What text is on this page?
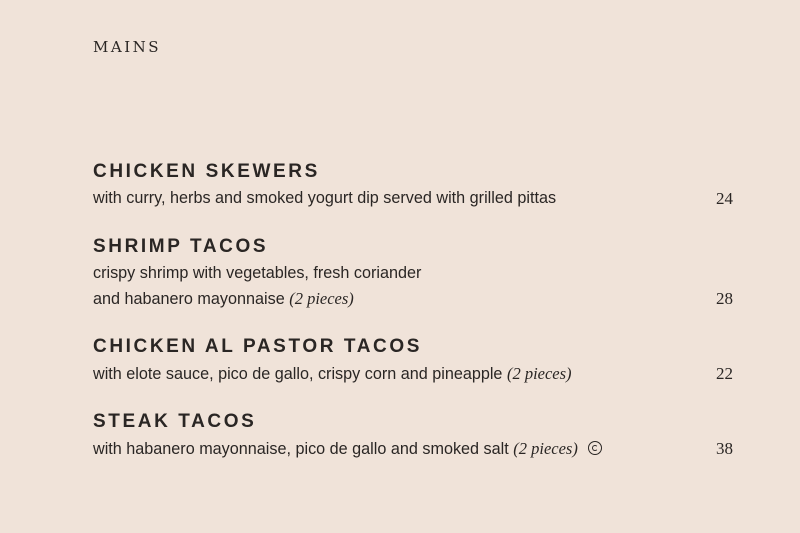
MAINS
CHICKEN SKEWERS
with curry, herbs and smoked yogurt dip served with grilled pittas	24
SHRIMP TACOS
crispy shrimp with vegetables, fresh coriander
and habanero mayonnaise (2 pieces)	28
CHICKEN AL PASTOR TACOS
with elote sauce, pico de gallo, crispy corn and pineapple (2 pieces)	22
STEAK TACOS
with habanero mayonnaise, pico de gallo and smoked salt (2 pieces)	38
